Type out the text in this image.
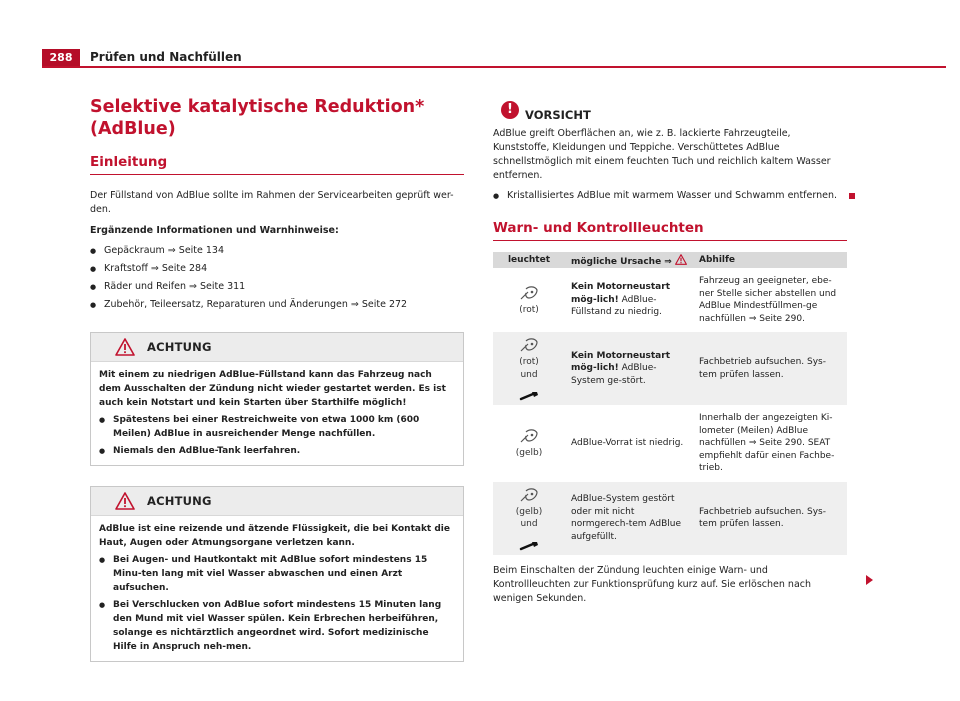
288	Prüfen und Nachfüllen
Selektive katalytische Reduktion* (AdBlue)
Einleitung

Der Füllstand von AdBlue sollte im Rahmen der Servicearbeiten geprüft wer-den.

Ergänzende Informationen und Warnhinweise:

● Gepäckraum ⇒ Seite 134
● Kraftstoff ⇒ Seite 284
● Räder und Reifen ⇒ Seite 311
● Zubehör, Teileersatz, Reparaturen und Änderungen ⇒ Seite 272
ACHTUNG

Mit einem zu niedrigen AdBlue-Füllstand kann das Fahrzeug nach dem Ausschalten der Zündung nicht wieder gestartet werden. Es ist auch kein Notstart und kein Starten über Starthilfe möglich!

● Spätestens bei einer Restreichweite von etwa 1000 km (600 Meilen) AdBlue in ausreichender Menge nachfüllen.

● Niemals den AdBlue-Tank leerfahren.

ACHTUNG

AdBlue ist eine reizende und ätzende Flüssigkeit, die bei Kontakt die Haut, Augen oder Atmungsorgane verletzen kann.

● Bei Augen- und Hautkontakt mit AdBlue sofort mindestens 15 Minu-ten lang mit viel Wasser abwaschen und einen Arzt aufsuchen.

● Bei Verschlucken von AdBlue sofort mindestens 15 Minuten lang den Mund mit viel Wasser spülen. Kein Erbrechen herbeiführen, solange es nichtärztlich angeordnet wird. Sofort medizinische Hilfe in Anspruch neh-men.

!	VORSICHT

AdBlue greift Oberflächen an, wie z. B. lackierte Fahrzeugteile, Kunststoffe, Kleidungen und Teppiche. Verschüttetes AdBlue schnellstmöglich mit einem feuchten Tuch und reichlich kaltem Wasser entfernen.

● Kristallisiertes AdBlue mit warmem Wasser und Schwamm entfernen.

Warn- und Kontrollleuchten
leuchtet	mögliche Ursache ⇒	Abhilfe

(rot)	Kein Motorneustart mög-lich! AdBlue-Füllstand zu niedrig.	Fahrzeug an geeigneter, ebe-ner Stelle sicher abstellen und AdBlue Mindestfüllmen-ge nachfüllen ⇒ Seite 290.

(rot)
und	Kein Motorneustart mög-lich! AdBlue-System ge-stört.	Fachbetrieb aufsuchen. Sys-tem prüfen lassen.

(gelb)	AdBlue-Vorrat ist niedrig.	Innerhalb der angezeigten Ki-lometer (Meilen) AdBlue nachfüllen ⇒ Seite 290. SEAT empfiehlt dafür einen Fachbe-trieb.

(gelb)
und	AdBlue-System gestört oder mit nicht normgerech-tem AdBlue aufgefüllt.	Fachbetrieb aufsuchen. Sys-tem prüfen lassen.

Beim Einschalten der Zündung leuchten einige Warn- und Kontrollleuchten zur Funktionsprüfung kurz auf. Sie erlöschen nach wenigen Sekunden.
